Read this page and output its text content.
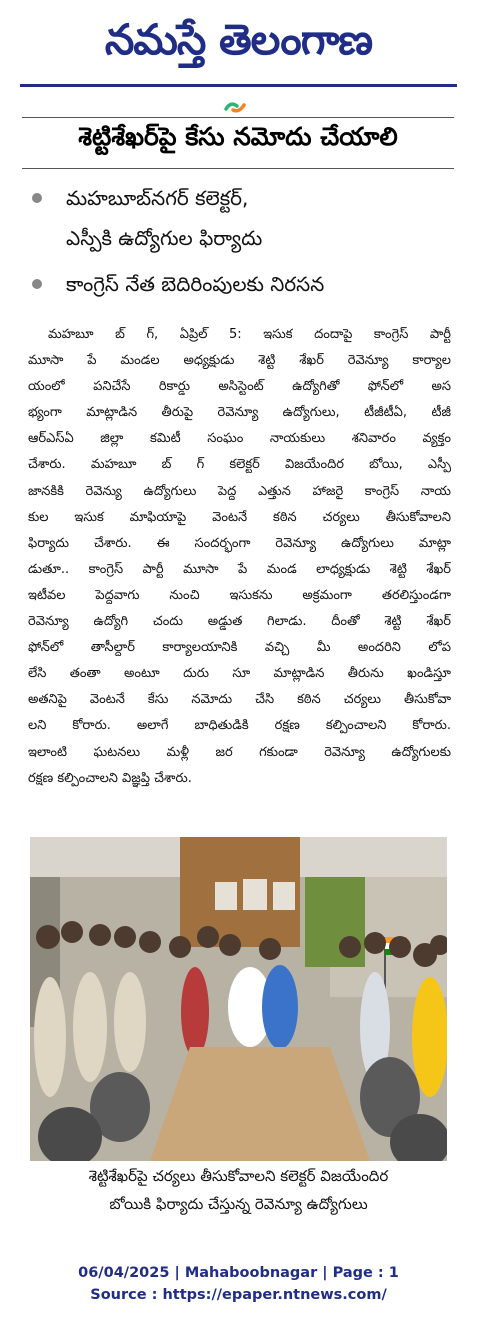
నమస్తే తెలంగాణ
శెట్టిశేఖర్‌పై కేసు నమోదు చేయాలి
మహబూబ్‌నగర్ కలెక్టర్,
ఎస్పీకి ఉద్యోగుల ఫిర్యాదు
కాంగ్రెస్ నేత బెదిరింపులకు నిరసన
మహబూ బ్ గ్, ఏప్రిల్ 5: ఇసుక దందాపై కాంగ్రెస్ పార్టీ
మూసా పే మండల అధ్యక్షుడు శెట్టి శేఖర్ రెవెన్యూ కార్యాల
యంలో పనిచేసే రికార్డు అసిస్టెంట్ ఉద్యోగితో ఫోన్‌లో అస
భ్యంగా మాట్లాడిన తీరుపై రెవెన్యూ ఉద్యోగులు, టీజీటీఏ, టీజీ
ఆర్‌ఎస్‌ఏ జిల్లా కమిటీ సంఘం నాయకులు శనివారం వ్యక్తం
చేశారు. మహబూ బ్ గ్ కలెక్టర్ విజయేందిర బోయి, ఎస్పీ
జానకికి రెవెన్యు ఉద్యోగులు పెద్ద ఎత్తున హాజరై కాంగ్రెస్ నాయ
కుల ఇసుక మాఫియాపై వెంటనే కఠిన చర్యలు తీసుకోవాలని
ఫిర్యాదు చేశారు. ఈ సందర్భంగా రెవెన్యూ ఉద్యోగులు మాట్లా
డుతూ.. కాంగ్రెస్ పార్టీ మూసా పే మండ లాధ్యక్షుడు శెట్టి శేఖర్
ఇటీవల పెద్దవాగు నుంచి ఇసుకను అక్రమంగా తరలిస్తుండగా
రెవెన్యూ ఉద్యోగి చందు అడ్డుత గిలాడు. దీంతో శెట్టి శేఖర్
ఫోన్‌లో తాసీల్దార్ కార్యాలయానికి వచ్చి మీ అందరిని లోప
లేసి తంతా అంటూ దురు సూ మాట్లాడిన తీరును ఖండిస్తూ
అతనిపై వెంటనే కేసు నమోదు చేసి కఠిన చర్యలు తీసుకోవా
లని కోరారు. అలాగే బాధితుడికి రక్షణ కల్పించాలని కోరారు.
ఇలాంటి ఘటనలు మళ్లీ జర గకుండా రెవెన్యూ ఉద్యోగులకు
రక్షణ కల్పించాలని విజ్ఞప్తి చేశారు.
శెట్టిశేఖర్‌పై చర్యలు తీసుకోవాలని కలెక్టర్ విజయేందిర
బోయికి ఫిర్యాదు చేస్తున్న రెవెన్యూ ఉద్యోగులు
06/04/2025 | Mahaboobnagar | Page : 1
Source : https://epaper.ntnews.com/
